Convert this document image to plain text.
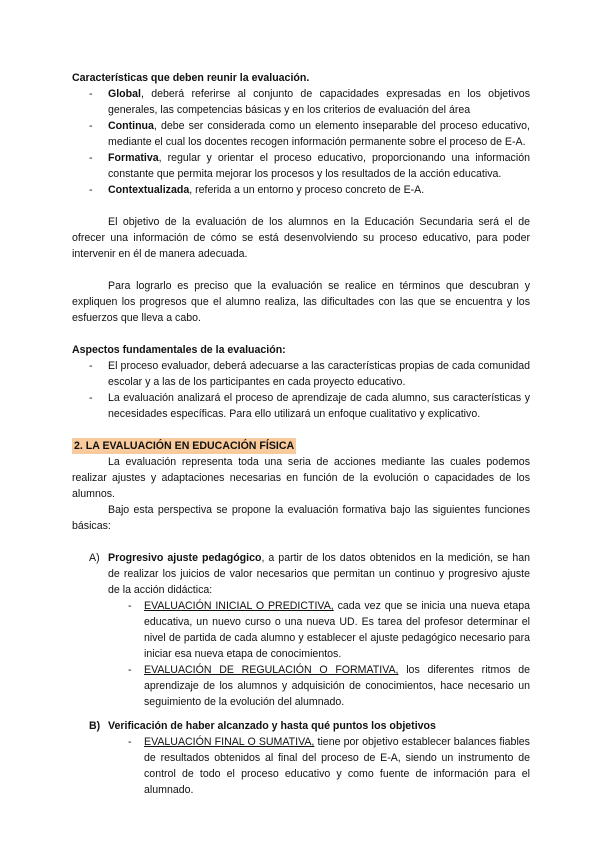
Características que deben reunir la evaluación.

- Global, deberá referirse al conjunto de capacidades expresadas en los objetivos generales, las competencias básicas y en los criterios de evaluación del área
- Continua, debe ser considerada como un elemento inseparable del proceso educativo, mediante el cual los docentes recogen información permanente sobre el proceso de E-A.
- Formativa, regular y orientar el proceso educativo, proporcionando una información constante que permita mejorar los procesos y los resultados de la acción educativa.
- Contextualizada, referida a un entorno y proceso concreto de E-A.

El objetivo de la evaluación de los alumnos en la Educación Secundaria será el de ofrecer una información de cómo se está desenvolviendo su proceso educativo, para poder intervenir en él de manera adecuada.

Para lograrlo es preciso que la evaluación se realice en términos que descubran y expliquen los progresos que el alumno realiza, las dificultades con las que se encuentra y los esfuerzos que lleva a cabo.

Aspectos fundamentales de la evaluación:

- El proceso evaluador, deberá adecuarse a las características propias de cada comunidad escolar y a las de los participantes en cada proyecto educativo.
- La evaluación analizará el proceso de aprendizaje de cada alumno, sus características y necesidades específicas. Para ello utilizará un enfoque cualitativo y explicativo.

2. LA EVALUACIÓN EN EDUCACIÓN FÍSICA

La evaluación representa toda una seria de acciones mediante las cuales podemos realizar ajustes y adaptaciones necesarias en función de la evolución o capacidades de los alumnos.

Bajo esta perspectiva se propone la evaluación formativa bajo las siguientes funciones básicas:

A) Progresivo ajuste pedagógico, a partir de los datos obtenidos en la medición, se han de realizar los juicios de valor necesarios que permitan un continuo y progresivo ajuste de la acción didáctica:
- EVALUACIÓN INICIAL O PREDICTIVA, cada vez que se inicia una nueva etapa educativa, un nuevo curso o una nueva UD. Es tarea del profesor determinar el nivel de partida de cada alumno y establecer el ajuste pedagógico necesario para iniciar esa nueva etapa de conocimientos.
- EVALUACIÓN DE REGULACIÓN O FORMATIVA, los diferentes ritmos de aprendizaje de los alumnos y adquisición de conocimientos, hace necesario un seguimiento de la evolución del alumnado.
B) Verificación de haber alcanzado y hasta qué puntos los objetivos
- EVALUACIÓN FINAL O SUMATIVA, tiene por objetivo establecer balances fiables de resultados obtenidos al final del proceso de E-A, siendo un instrumento de control de todo el proceso educativo y como fuente de información para el alumnado.
